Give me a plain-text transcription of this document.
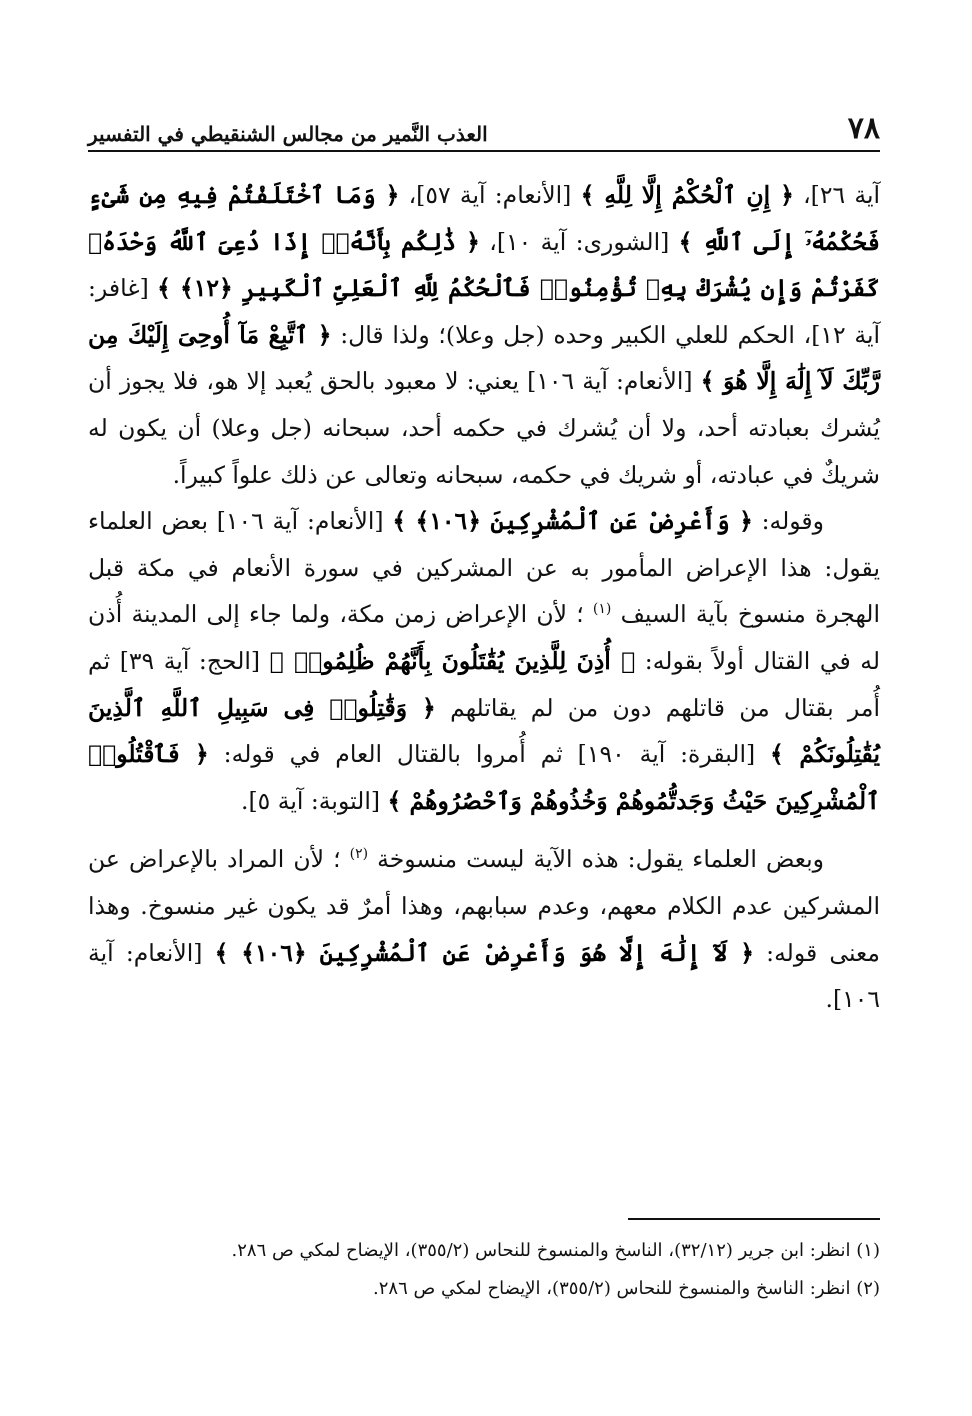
٧٨
العذب النَّمير من مجالس الشنقيطي في التفسير

آية ٢٦]، ﴿ إِنِ ٱلْحُكْمُ إِلَّا لِلَّهِ ﴾ [الأنعام: آية ٥٧]، ﴿ وَمَا ٱخْتَلَفْتُمْ فِيهِ مِن شَىْءٍ فَحُكْمُهُۥٓ إِلَى ٱللَّهِ ﴾ [الشورى: آية ١٠]، ﴿ ذَٰلِكُم بِأَنَّهُۥٓ إِذَا دُعِىَ ٱللَّهُ وَحْدَهُۥ كَفَرْتُمْ وَإِن يُشْرَكْ بِهِۦ تُؤْمِنُوا۟ فَٱلْحُكْمُ لِلَّهِ ٱلْعَلِىِّ ٱلْكَبِيرِ ﴿١٢﴾ ﴾ [غافر: آية ١٢]، الحكم للعلي الكبير وحده (جل وعلا)؛ ولذا قال: ﴿ ٱتَّبِعْ مَآ أُوحِىَ إِلَيْكَ مِن رَّبِّكَ لَآ إِلَٰهَ إِلَّا هُوَ ﴾ [الأنعام: آية ١٠٦] يعني: لا معبود بالحق يُعبد إلا هو، فلا يجوز أن يُشرك بعبادته أحد، ولا أن يُشرك في حكمه أحد، سبحانه (جل وعلا) أن يكون له شريكٌ في عبادته، أو شريك في حكمه، سبحانه وتعالى عن ذلك علواً كبيراً.

وقوله: ﴿ وَأَعْرِضْ عَنِ ٱلْمُشْرِكِينَ ﴿١٠٦﴾ ﴾ [الأنعام: آية ١٠٦] بعض العلماء يقول: هذا الإعراض المأمور به عن المشركين في سورة الأنعام في مكة قبل الهجرة منسوخ بآية السيف $^{(١)}$ ؛ لأن الإعراض زمن مكة، ولما جاء إلى المدينة أُذن له في القتال أولاً بقوله: ﴿ أُذِنَ لِلَّذِينَ يُقَٰتَلُونَ بِأَنَّهُمْ ظُلِمُوا۟ ﴾ [الحج: آية ٣٩] ثم أُمر بقتال من قاتلهم دون من لم يقاتلهم ﴿ وَقَٰتِلُوا۟ فِى سَبِيلِ ٱللَّهِ ٱلَّذِينَ يُقَٰتِلُونَكُمْ ﴾ [البقرة: آية ١٩٠] ثم أُمروا بالقتال العام في قوله: ﴿ فَٱقْتُلُوا۟ ٱلْمُشْرِكِينَ حَيْثُ وَجَدتُّمُوهُمْ وَخُذُوهُمْ وَٱحْصُرُوهُمْ ﴾ [التوبة: آية ٥].

وبعض العلماء يقول: هذه الآية ليست منسوخة $^{(٢)}$ ؛ لأن المراد بالإعراض عن المشركين عدم الكلام معهم، وعدم سبابهم، وهذا أمرٌ قد يكون غير منسوخ. وهذا معنى قوله: ﴿ لَآ إِلَٰهَ إِلَّا هُوَ وَأَعْرِضْ عَنِ ٱلْمُشْرِكِينَ ﴿١٠٦﴾ ﴾ [الأنعام: آية ١٠٦].

(١) انظر: ابن جرير (٣٢/١٢)، الناسخ والمنسوخ للنحاس (٣٥٥/٢)، الإيضاح لمكي ص ٢٨٦.

(٢) انظر: الناسخ والمنسوخ للنحاس (٣٥٥/٢)، الإيضاح لمكي ص ٢٨٦.
